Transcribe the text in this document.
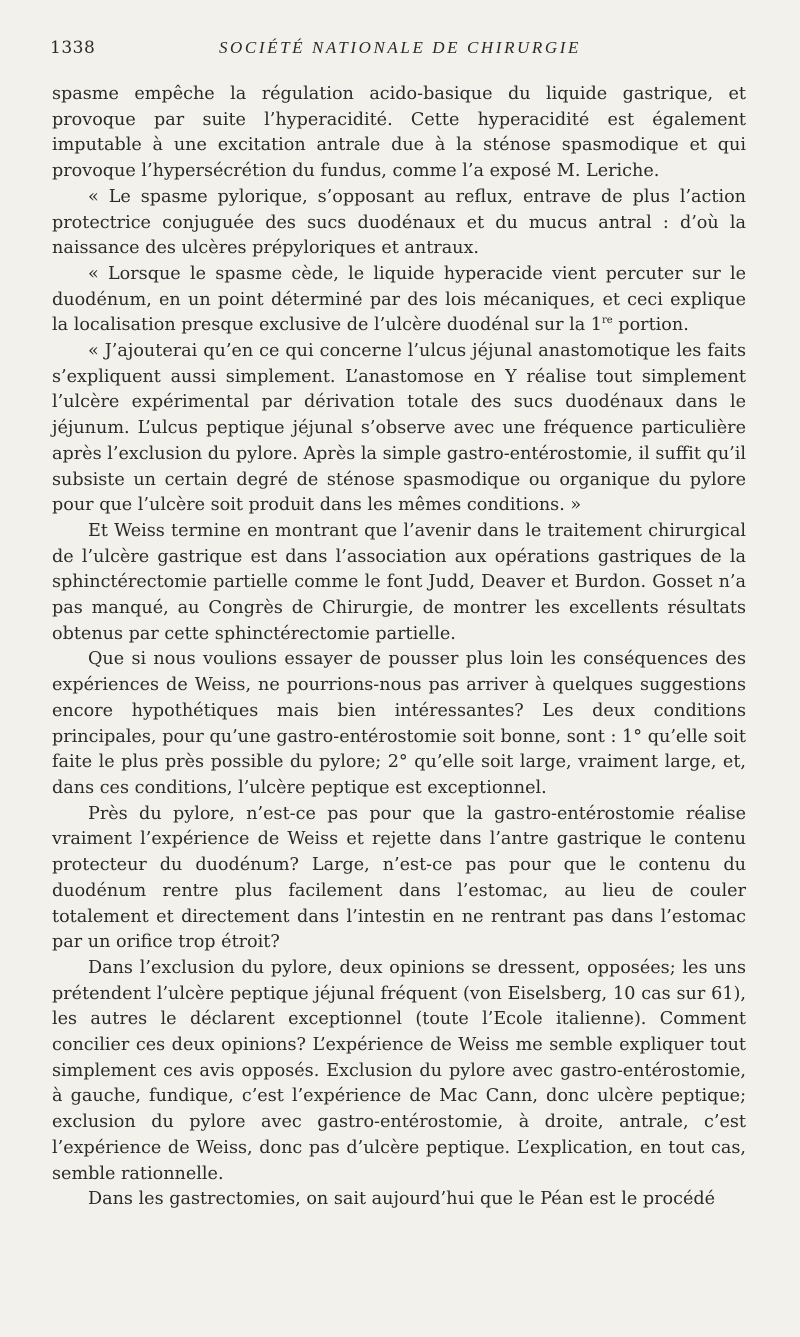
1338	SOCIÉTÉ NATIONALE DE CHIRURGIE

spasme empêche la régulation acido-basique du liquide gastrique, et provoque par suite l’hyperacidité. Cette hyperacidité est également imputable à une excitation antrale due à la sténose spasmodique et qui provoque l’hypersécrétion du fundus, comme l’a exposé M. Leriche.

« Le spasme pylorique, s’opposant au reflux, entrave de plus l’action protectrice conjuguée des sucs duodénaux et du mucus antral : d’où la naissance des ulcères prépyloriques et antraux.

« Lorsque le spasme cède, le liquide hyperacide vient percuter sur le duodénum, en un point déterminé par des lois mécaniques, et ceci explique la localisation presque exclusive de l’ulcère duodénal sur la 1re portion.

« J’ajouterai qu’en ce qui concerne l’ulcus jéjunal anastomotique les faits s’expliquent aussi simplement. L’anastomose en Y réalise tout simplement l’ulcère expérimental par dérivation totale des sucs duodénaux dans le jéjunum. L’ulcus peptique jéjunal s’observe avec une fréquence particulière après l’exclusion du pylore. Après la simple gastro-entérostomie, il suffit qu’il subsiste un certain degré de sténose spasmodique ou organique du pylore pour que l’ulcère soit produit dans les mêmes conditions. »

Et Weiss termine en montrant que l’avenir dans le traitement chirurgical de l’ulcère gastrique est dans l’association aux opérations gastriques de la sphinctérectomie partielle comme le font Judd, Deaver et Burdon. Gosset n’a pas manqué, au Congrès de Chirurgie, de montrer les excellents résultats obtenus par cette sphinctérectomie partielle.

Que si nous voulions essayer de pousser plus loin les conséquences des expériences de Weiss, ne pourrions-nous pas arriver à quelques suggestions encore hypothétiques mais bien intéressantes? Les deux conditions principales, pour qu’une gastro-entérostomie soit bonne, sont : 1° qu’elle soit faite le plus près possible du pylore; 2° qu’elle soit large, vraiment large, et, dans ces conditions, l’ulcère peptique est exceptionnel.

Près du pylore, n’est-ce pas pour que la gastro-entérostomie réalise vraiment l’expérience de Weiss et rejette dans l’antre gastrique le contenu protecteur du duodénum? Large, n’est-ce pas pour que le contenu du duodénum rentre plus facilement dans l’estomac, au lieu de couler totalement et directement dans l’intestin en ne rentrant pas dans l’estomac par un orifice trop étroit?

Dans l’exclusion du pylore, deux opinions se dressent, opposées; les uns prétendent l’ulcère peptique jéjunal fréquent (von Eiselsberg, 10 cas sur 61), les autres le déclarent exceptionnel (toute l’Ecole italienne). Comment concilier ces deux opinions? L’expérience de Weiss me semble expliquer tout simplement ces avis opposés. Exclusion du pylore avec gastro-entérostomie, à gauche, fundique, c’est l’expérience de Mac Cann, donc ulcère peptique; exclusion du pylore avec gastro-entérostomie, à droite, antrale, c’est l’expérience de Weiss, donc pas d’ulcère peptique. L’explication, en tout cas, semble rationnelle.

Dans les gastrectomies, on sait aujourd’hui que le Péan est le procédé
